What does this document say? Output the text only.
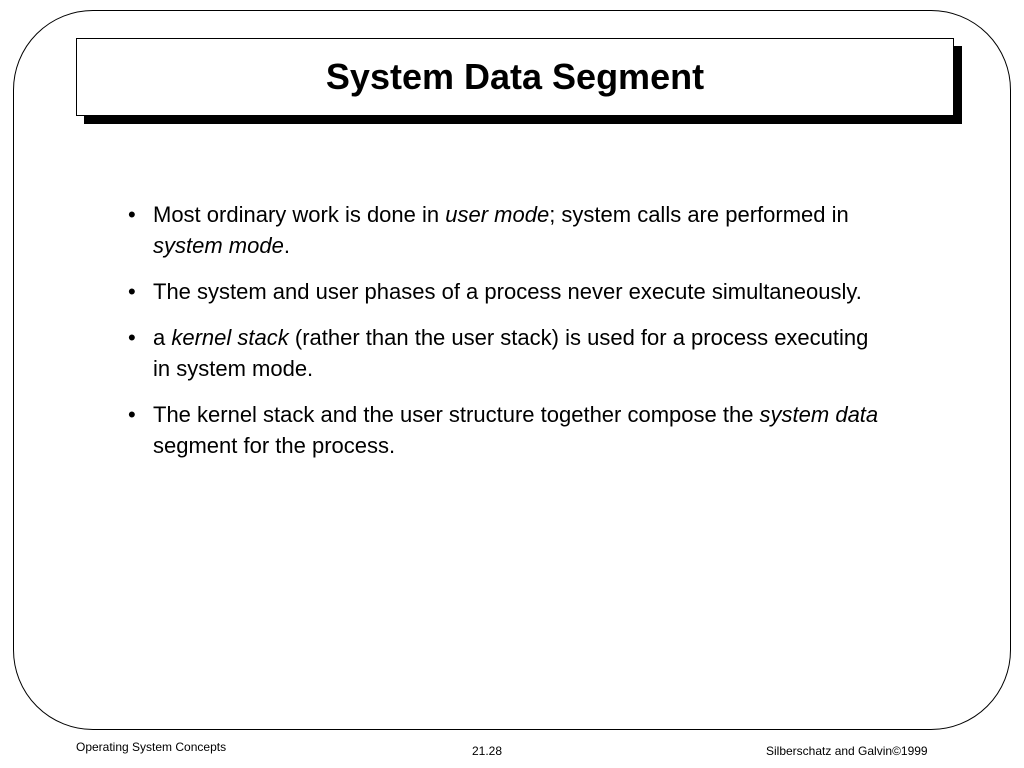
System Data Segment
• Most ordinary work is done in user mode; system calls are performed in system mode.
• The system and user phases of a process never execute simultaneously.
• a kernel stack (rather than the user stack) is used for a process executing in system mode.
• The kernel stack and the user structure together compose the system data segment for the process.
Operating System Concepts	21.28	Silberschatz and Galvin©1999
